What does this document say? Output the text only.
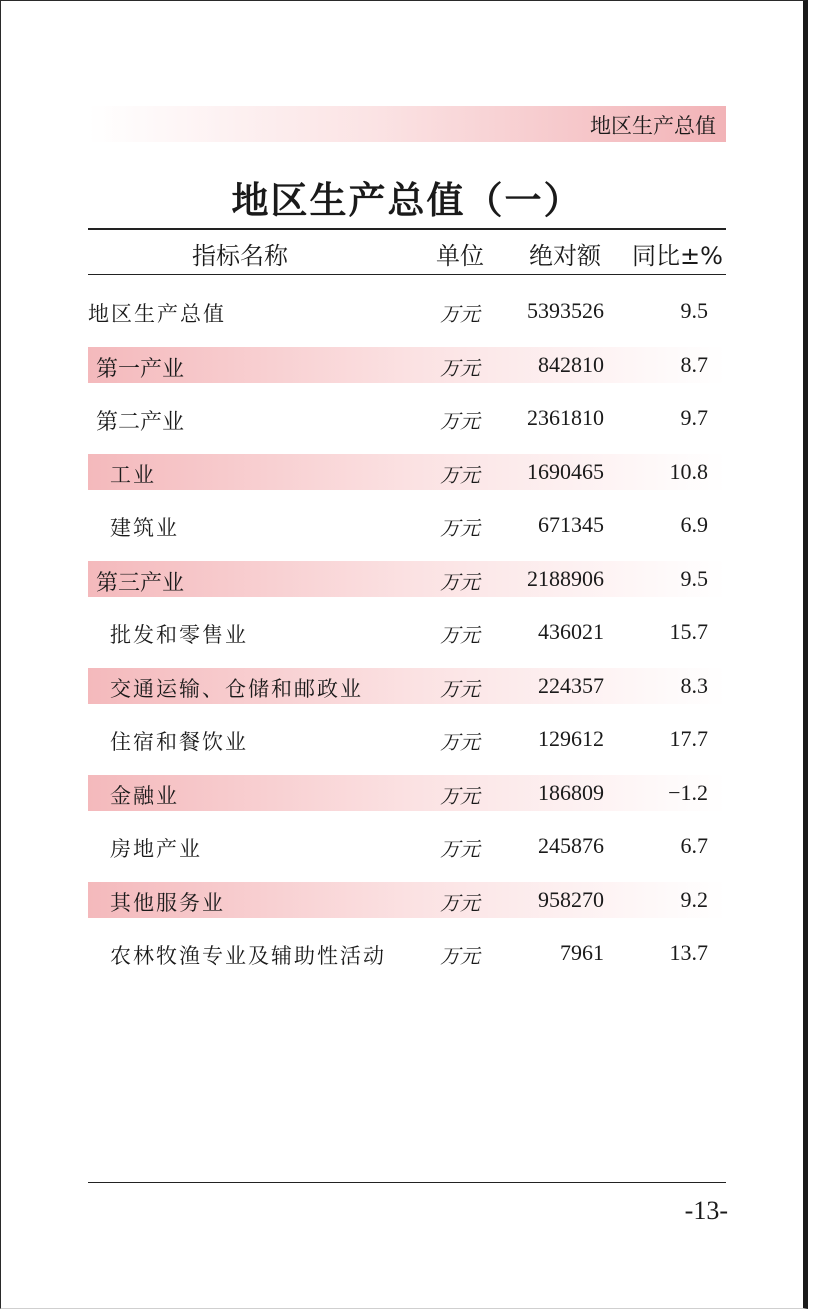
地区生产总值
地区生产总值（一）
指标名称	单位 绝对额 同比±%
地区生产总值	万元 5393526	9.5
第一产业	万元	842810	8.7
第二产业	万元 2361810	9.7
工业	万元 1690465	10.8
建筑业	万元	671345	6.9
第三产业	万元 2188906	9.5
批发和零售业	万元	436021	15.7
交通运输、仓储和邮政业	万元	224357	8.3
住宿和餐饮业	万元	129612	17.7
金融业	万元	186809	−1.2
房地产业	万元	245876	6.7
其他服务业	万元	958270	9.2
农林牧渔专业及辅助性活动	万元	7961	13.7
-13-
